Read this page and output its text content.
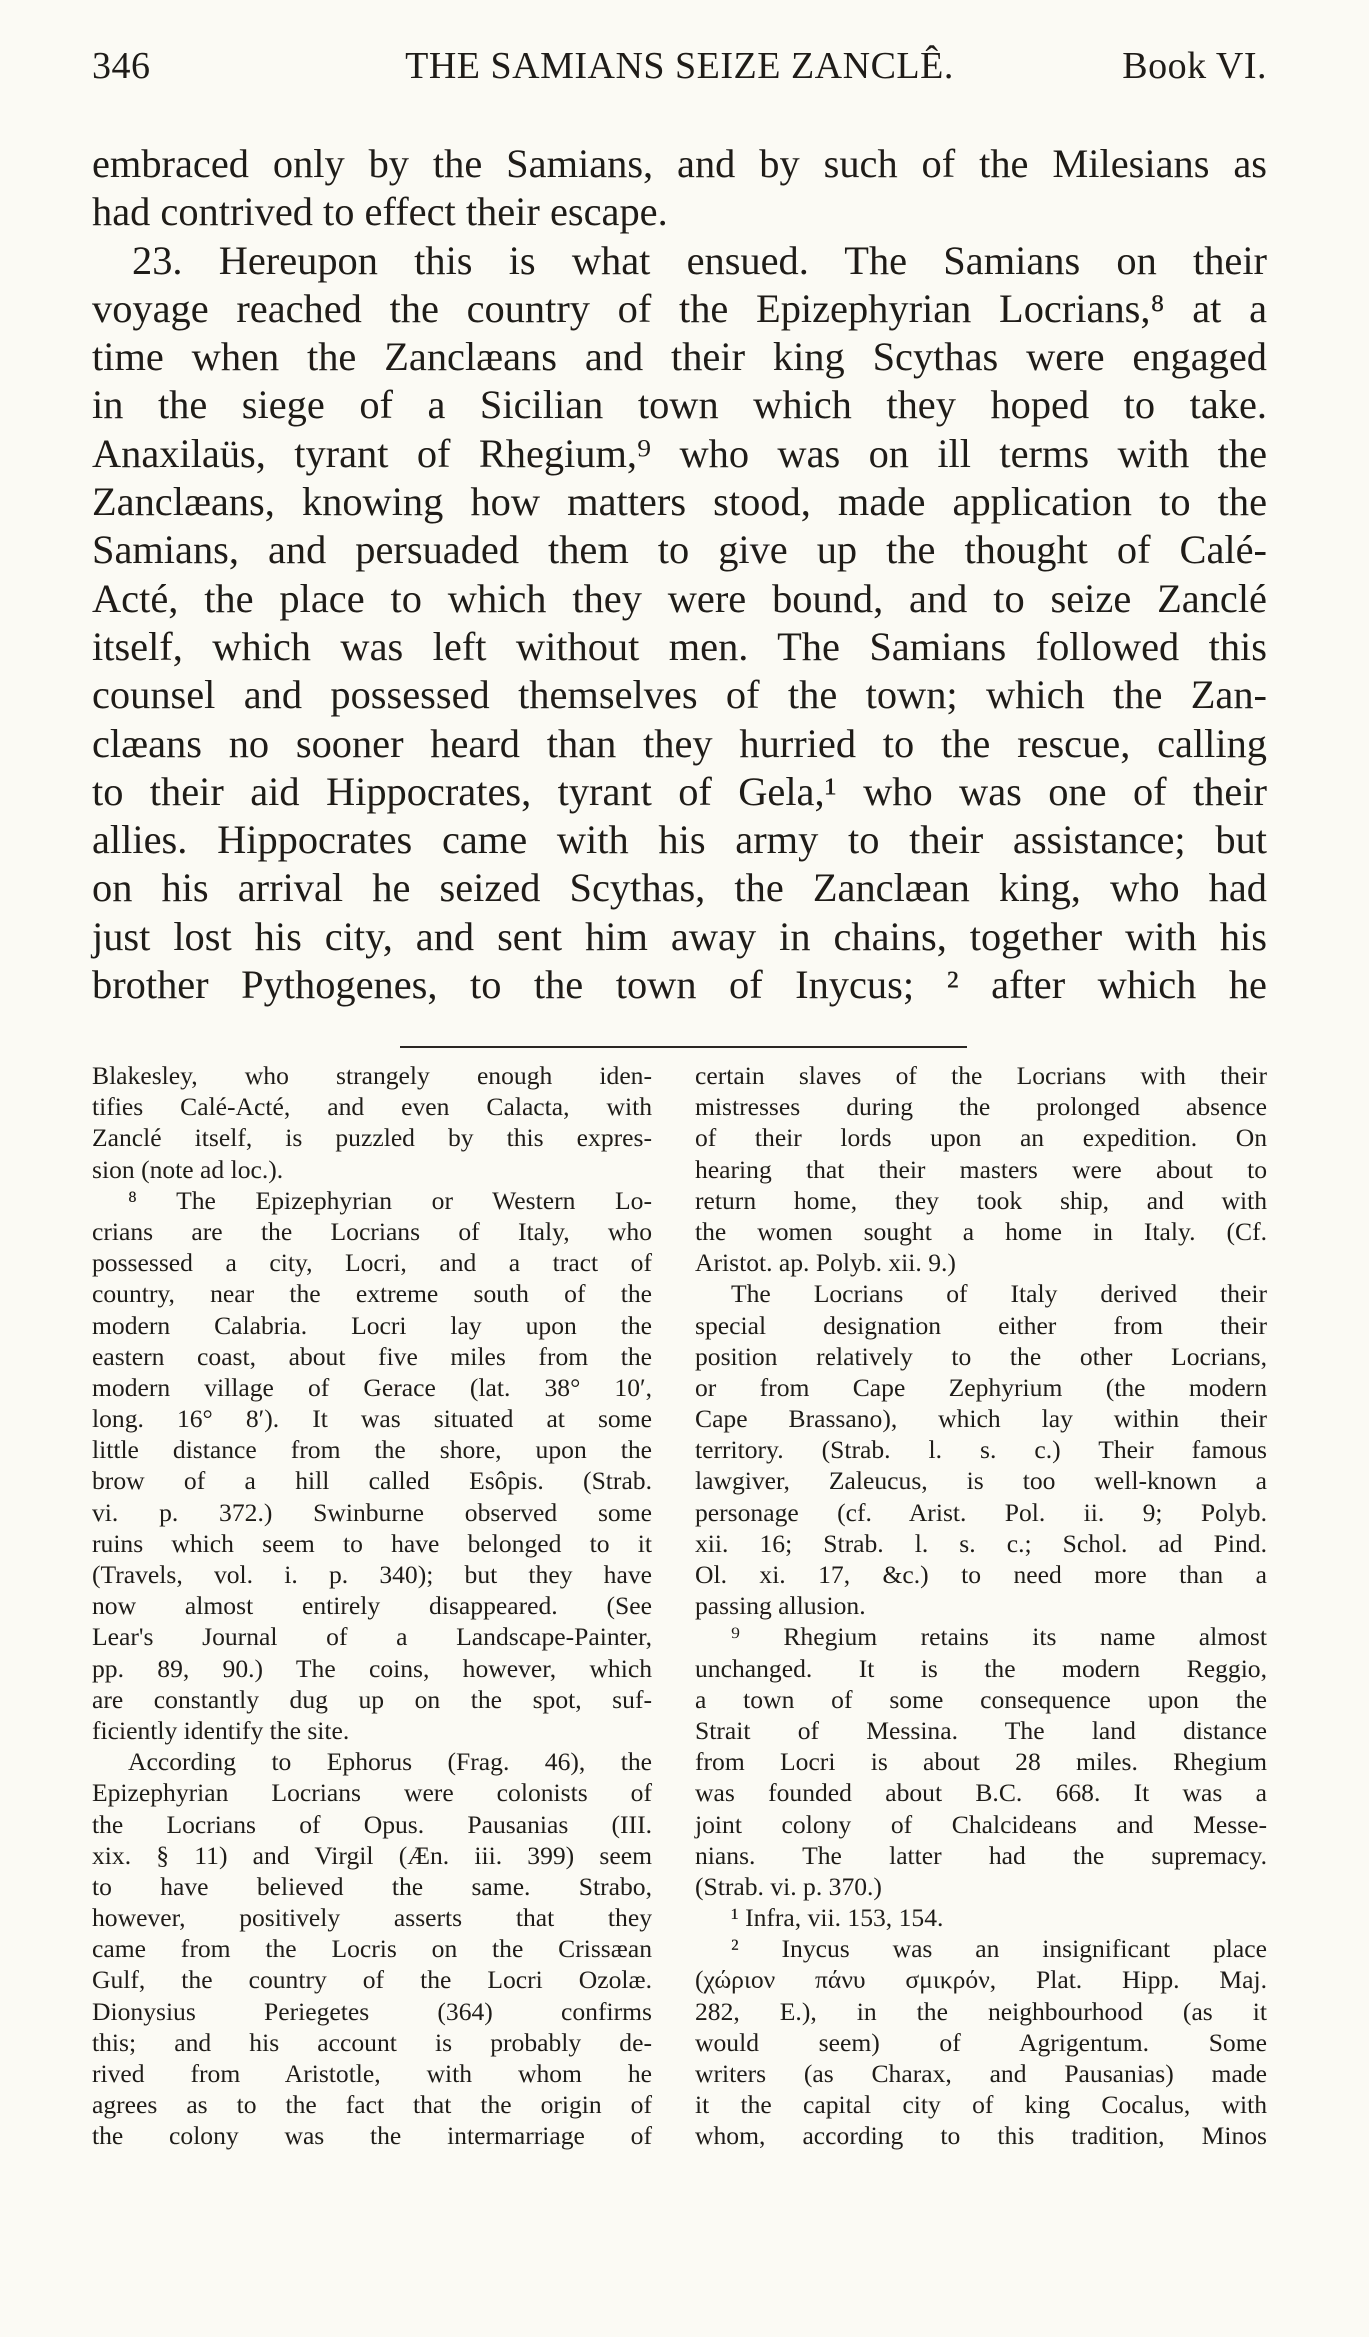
346	THE SAMIANS SEIZE ZANCLÊ.	Book VI.
embraced only by the Samians, and by such of the Milesians as
had contrived to effect their escape.
23. Hereupon this is what ensued. The Samians on their
voyage reached the country of the Epizephyrian Locrians,⁸ at a
time when the Zanclæans and their king Scythas were engaged
in the siege of a Sicilian town which they hoped to take.
Anaxilaüs, tyrant of Rhegium,⁹ who was on ill terms with the
Zanclæans, knowing how matters stood, made application to the
Samians, and persuaded them to give up the thought of Calé-
Acté, the place to which they were bound, and to seize Zanclé
itself, which was left without men. The Samians followed this
counsel and possessed themselves of the town; which the Zan-
clæans no sooner heard than they hurried to the rescue, calling
to their aid Hippocrates, tyrant of Gela,¹ who was one of their
allies. Hippocrates came with his army to their assistance; but
on his arrival he seized Scythas, the Zanclæan king, who had
just lost his city, and sent him away in chains, together with his
brother Pythogenes, to the town of Inycus; ² after which he
Blakesley, who strangely enough iden-
tifies Calé-Acté, and even Calacta, with
Zanclé itself, is puzzled by this expres-
sion (note ad loc.).
⁸ The Epizephyrian or Western Lo-
crians are the Locrians of Italy, who
possessed a city, Locri, and a tract of
country, near the extreme south of the
modern Calabria. Locri lay upon the
eastern coast, about five miles from the
modern village of Gerace (lat. 38° 10′,
long. 16° 8′). It was situated at some
little distance from the shore, upon the
brow of a hill called Esôpis. (Strab.
vi. p. 372.) Swinburne observed some
ruins which seem to have belonged to it
(Travels, vol. i. p. 340); but they have
now almost entirely disappeared. (See
Lear's Journal of a Landscape-Painter,
pp. 89, 90.) The coins, however, which
are constantly dug up on the spot, suf-
ficiently identify the site.
According to Ephorus (Frag. 46), the
Epizephyrian Locrians were colonists of
the Locrians of Opus. Pausanias (III.
xix. § 11) and Virgil (Æn. iii. 399) seem
to have believed the same. Strabo,
however, positively asserts that they
came from the Locris on the Crissæan
Gulf, the country of the Locri Ozolæ.
Dionysius Periegetes (364) confirms
this; and his account is probably de-
rived from Aristotle, with whom he
agrees as to the fact that the origin of
the colony was the intermarriage of
certain slaves of the Locrians with their
mistresses during the prolonged absence
of their lords upon an expedition. On
hearing that their masters were about to
return home, they took ship, and with
the women sought a home in Italy. (Cf.
Aristot. ap. Polyb. xii. 9.)
The Locrians of Italy derived their
special designation either from their
position relatively to the other Locrians,
or from Cape Zephyrium (the modern
Cape Brassano), which lay within their
territory. (Strab. l. s. c.) Their famous
lawgiver, Zaleucus, is too well-known a
personage (cf. Arist. Pol. ii. 9; Polyb.
xii. 16; Strab. l. s. c.; Schol. ad Pind.
Ol. xi. 17, &c.) to need more than a
passing allusion.
⁹ Rhegium retains its name almost
unchanged. It is the modern Reggio,
a town of some consequence upon the
Strait of Messina. The land distance
from Locri is about 28 miles. Rhegium
was founded about B.C. 668. It was a
joint colony of Chalcideans and Messe-
nians. The latter had the supremacy.
(Strab. vi. p. 370.)
¹ Infra, vii. 153, 154.
² Inycus was an insignificant place
(χώριον πάνυ σμικρόν, Plat. Hipp. Maj.
282, E.), in the neighbourhood (as it
would seem) of Agrigentum. Some
writers (as Charax, and Pausanias) made
it the capital city of king Cocalus, with
whom, according to this tradition, Minos
